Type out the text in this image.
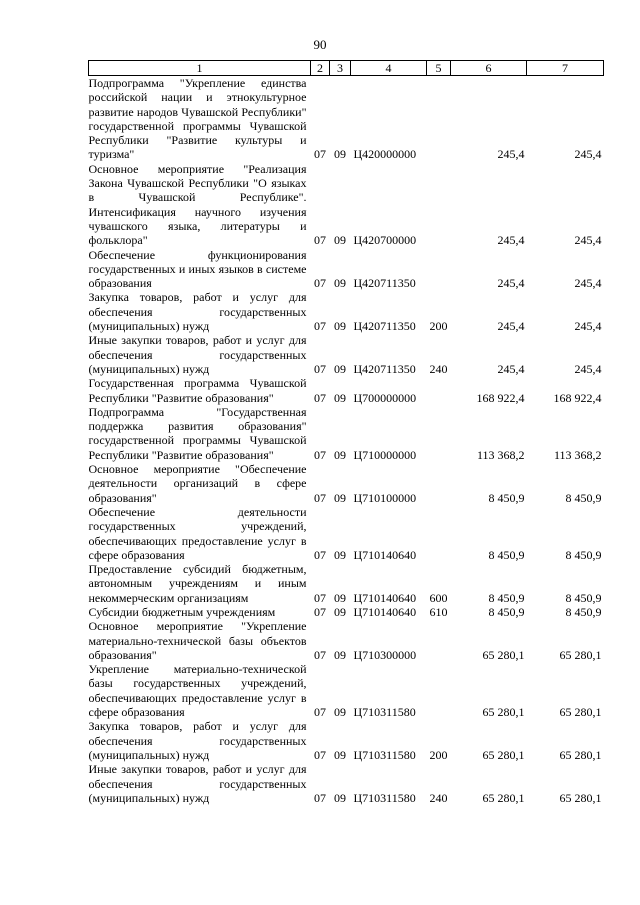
90
1	2	3	4	5	6	7
Подпрограмма "Укрепление единства российской нации и этнокультурное развитие народов Чувашской Республики" государственной программы Чувашской Республики "Развитие культуры и туризма"	07	09	Ц420000000		245,4	245,4
Основное мероприятие "Реализация Закона Чувашской Республики "О языках в Чувашской Республике". Интенсификация научного изучения чувашского языка, литературы и фольклора"	07	09	Ц420700000		245,4	245,4
Обеспечение функционирования государственных и иных языков в системе образования	07	09	Ц420711350		245,4	245,4
Закупка товаров, работ и услуг для обеспечения государственных (муниципальных) нужд	07	09	Ц420711350	200	245,4	245,4
Иные закупки товаров, работ и услуг для обеспечения государственных (муниципальных) нужд	07	09	Ц420711350	240	245,4	245,4
Государственная программа Чувашской Республики "Развитие образования"	07	09	Ц700000000		168 922,4	168 922,4
Подпрограмма "Государственная поддержка развития образования" государственной программы Чувашской Республики "Развитие образования"	07	09	Ц710000000		113 368,2	113 368,2
Основное мероприятие "Обеспечение деятельности организаций в сфере образования"	07	09	Ц710100000		8 450,9	8 450,9
Обеспечение деятельности государственных учреждений, обеспечивающих предоставление услуг в сфере образования	07	09	Ц710140640		8 450,9	8 450,9
Предоставление субсидий бюджетным, автономным учреждениям и иным некоммерческим организациям	07	09	Ц710140640	600	8 450,9	8 450,9
Субсидии бюджетным учреждениям	07	09	Ц710140640	610	8 450,9	8 450,9
Основное мероприятие "Укрепление материально-технической базы объектов образования"	07	09	Ц710300000		65 280,1	65 280,1
Укрепление материально-технической базы государственных учреждений, обеспечивающих предоставление услуг в сфере образования	07	09	Ц710311580		65 280,1	65 280,1
Закупка товаров, работ и услуг для обеспечения государственных (муниципальных) нужд	07	09	Ц710311580	200	65 280,1	65 280,1
Иные закупки товаров, работ и услуг для обеспечения государственных (муниципальных) нужд	07	09	Ц710311580	240	65 280,1	65 280,1
